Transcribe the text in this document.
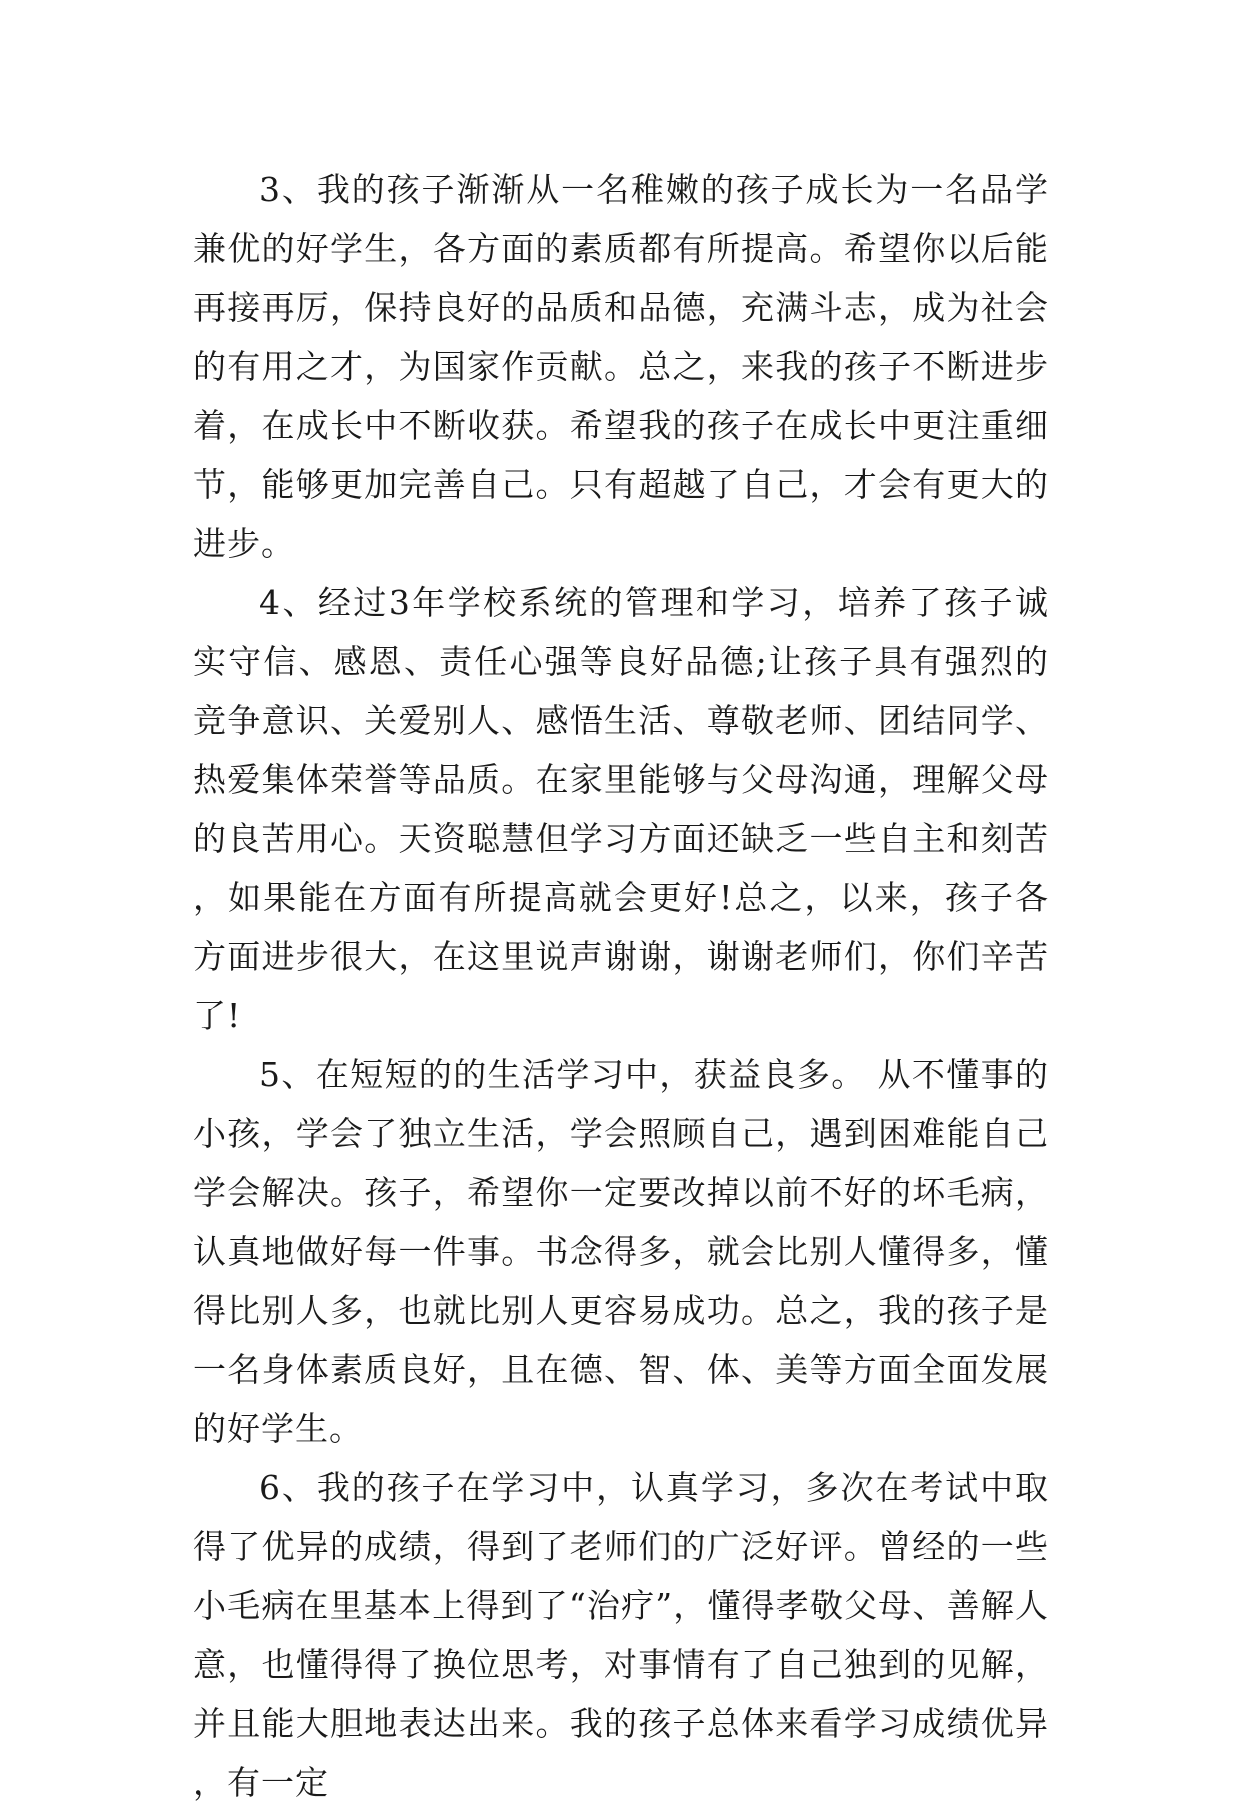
3、我的孩子渐渐从一名稚嫩的孩子成长为一名品学兼优的好学生，各方面的素质都有所提高。希望你以后能再接再厉，保持良好的品质和品德，充满斗志，成为社会的有用之才，为国家作贡献。总之，来我的孩子不断进步着，在成长中不断收获。希望我的孩子在成长中更注重细节，能够更加完善自己。只有超越了自己，才会有更大的进步。

4、经过3年学校系统的管理和学习，培养了孩子诚实守信、感恩、责任心强等良好品德;让孩子具有强烈的竞争意识、关爱别人、感悟生活、尊敬老师、团结同学、热爱集体荣誉等品质。在家里能够与父母沟通，理解父母的良苦用心。天资聪慧但学习方面还缺乏一些自主和刻苦，如果能在方面有所提高就会更好!总之，以来，孩子各方面进步很大，在这里说声谢谢，谢谢老师们，你们辛苦了!

5、在短短的的生活学习中，获益良多。 从不懂事的小孩，学会了独立生活，学会照顾自己，遇到困难能自己学会解决。孩子，希望你一定要改掉以前不好的坏毛病，认真地做好每一件事。书念得多，就会比别人懂得多，懂得比别人多，也就比别人更容易成功。总之，我的孩子是一名身体素质良好，且在德、智、体、美等方面全面发展的好学生。

6、我的孩子在学习中，认真学习，多次在考试中取得了优异的成绩，得到了老师们的广泛好评。曾经的一些小毛病在里基本上得到了“治疗”，懂得孝敬父母、善解人意，也懂得得了换位思考，对事情有了自己独到的见解，并且能大胆地表达出来。我的孩子总体来看学习成绩优异，有一定
